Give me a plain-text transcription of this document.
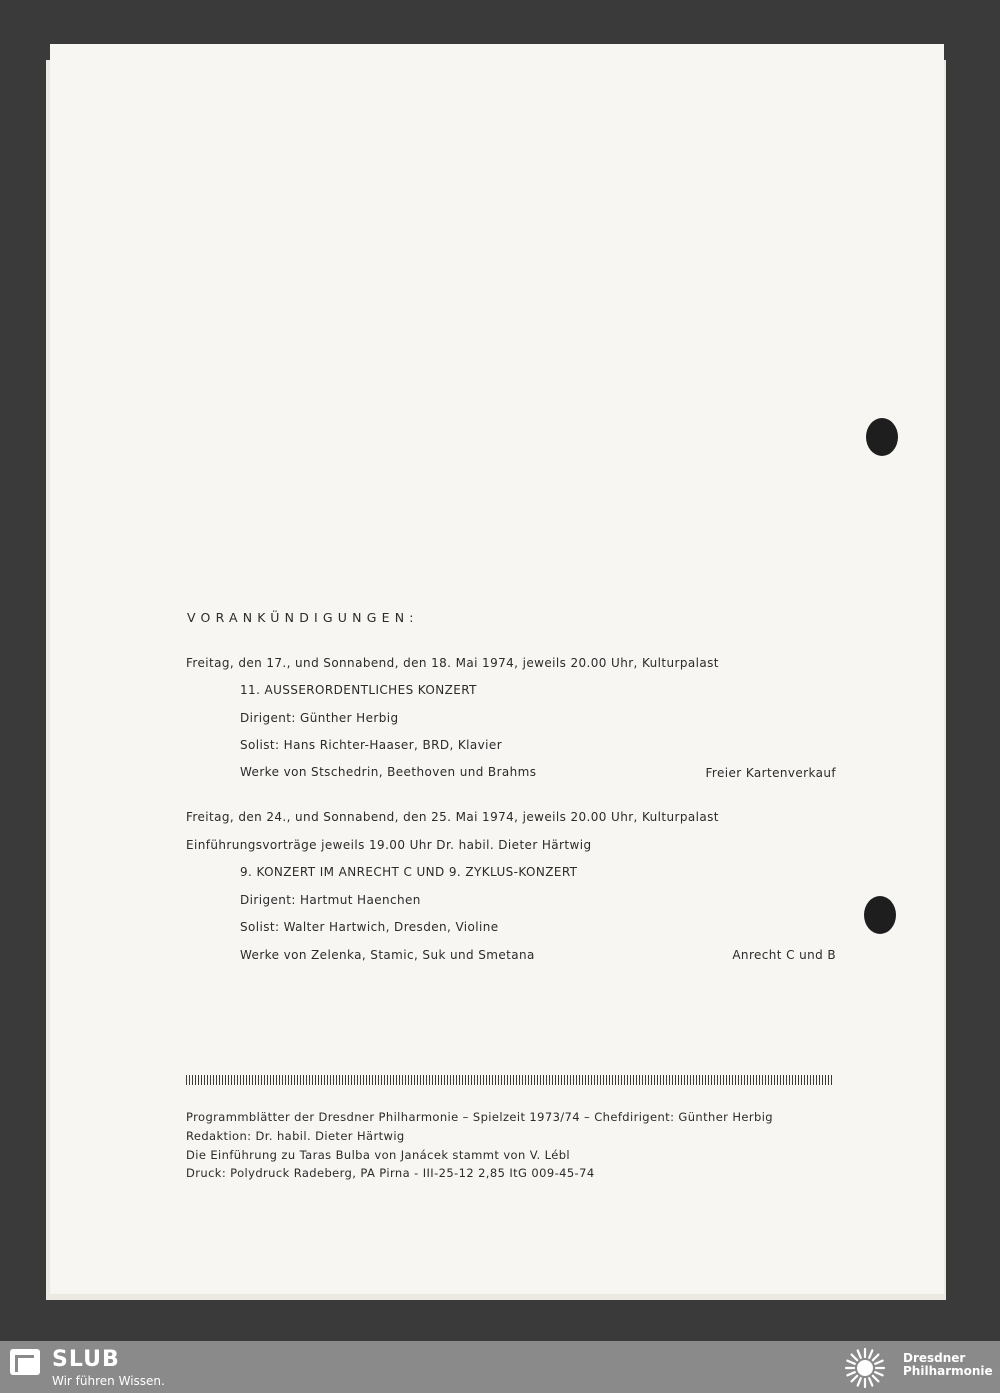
VORANKÜNDIGUNGEN:
Freitag, den 17., und Sonnabend, den 18. Mai 1974, jeweils 20.00 Uhr, Kulturpalast
11. AUSSERORDENTLICHES KONZERT
Dirigent: Günther Herbig
Solist: Hans Richter-Haaser, BRD, Klavier
Werke von Stschedrin, Beethoven und Brahms	Freier Kartenverkauf
Freitag, den 24., und Sonnabend, den 25. Mai 1974, jeweils 20.00 Uhr, Kulturpalast
Einführungsvorträge jeweils 19.00 Uhr Dr. habil. Dieter Härtwig
9. KONZERT IM ANRECHT C UND 9. ZYKLUS-KONZERT
Dirigent: Hartmut Haenchen
Solist: Walter Hartwich, Dresden, Violine
Werke von Zelenka, Stamic, Suk und Smetana	Anrecht C und B
Programmblätter der Dresdner Philharmonie – Spielzeit 1973/74 – Chefdirigent: Günther Herbig
Redaktion: Dr. habil. Dieter Härtwig
Die Einführung zu Taras Bulba von Janácek stammt von V. Lébl
Druck: Polydruck Radeberg, PA Pirna - III-25-12 2,85 ItG 009-45-74
SLUB
Wir führen Wissen.
Dresdner
Philharmonie
